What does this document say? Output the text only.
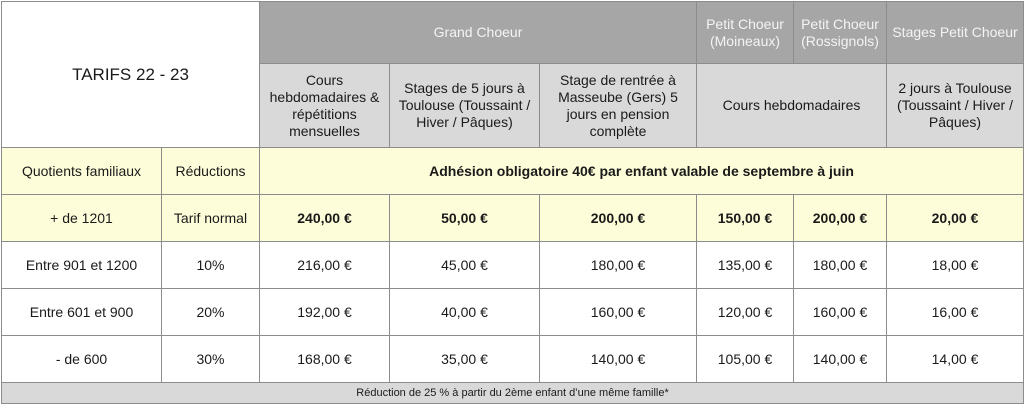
TARIFS 22 - 23		Grand Choeur			Petit Choeur (Moineaux)	Petit Choeur (Rossignols)	Stages Petit Choeur
		Cours hebdomadaires & répétitions mensuelles	Stages de 5 jours à Toulouse (Toussaint / Hiver / Pâques)	Stage de rentrée à Masseube (Gers) 5 jours en pension complète	Cours hebdomadaires		2 jours à Toulouse (Toussaint / Hiver / Pâques)
Quotients familiaux	Réductions	Adhésion obligatoire 40€ par enfant valable de septembre à juin					
+ de 1201	Tarif normal	240,00 €	50,00 €	200,00 €	150,00 €	200,00 €	20,00 €
Entre 901 et 1200	10%	216,00 €	45,00 €	180,00 €	135,00 €	180,00 €	18,00 €
Entre 601 et 900	20%	192,00 €	40,00 €	160,00 €	120,00 €	160,00 €	16,00 €
- de 600	30%	168,00 €	35,00 €	140,00 €	105,00 €	140,00 €	14,00 €
Réduction de 25 % à partir du 2ème enfant d’une même famille*							
